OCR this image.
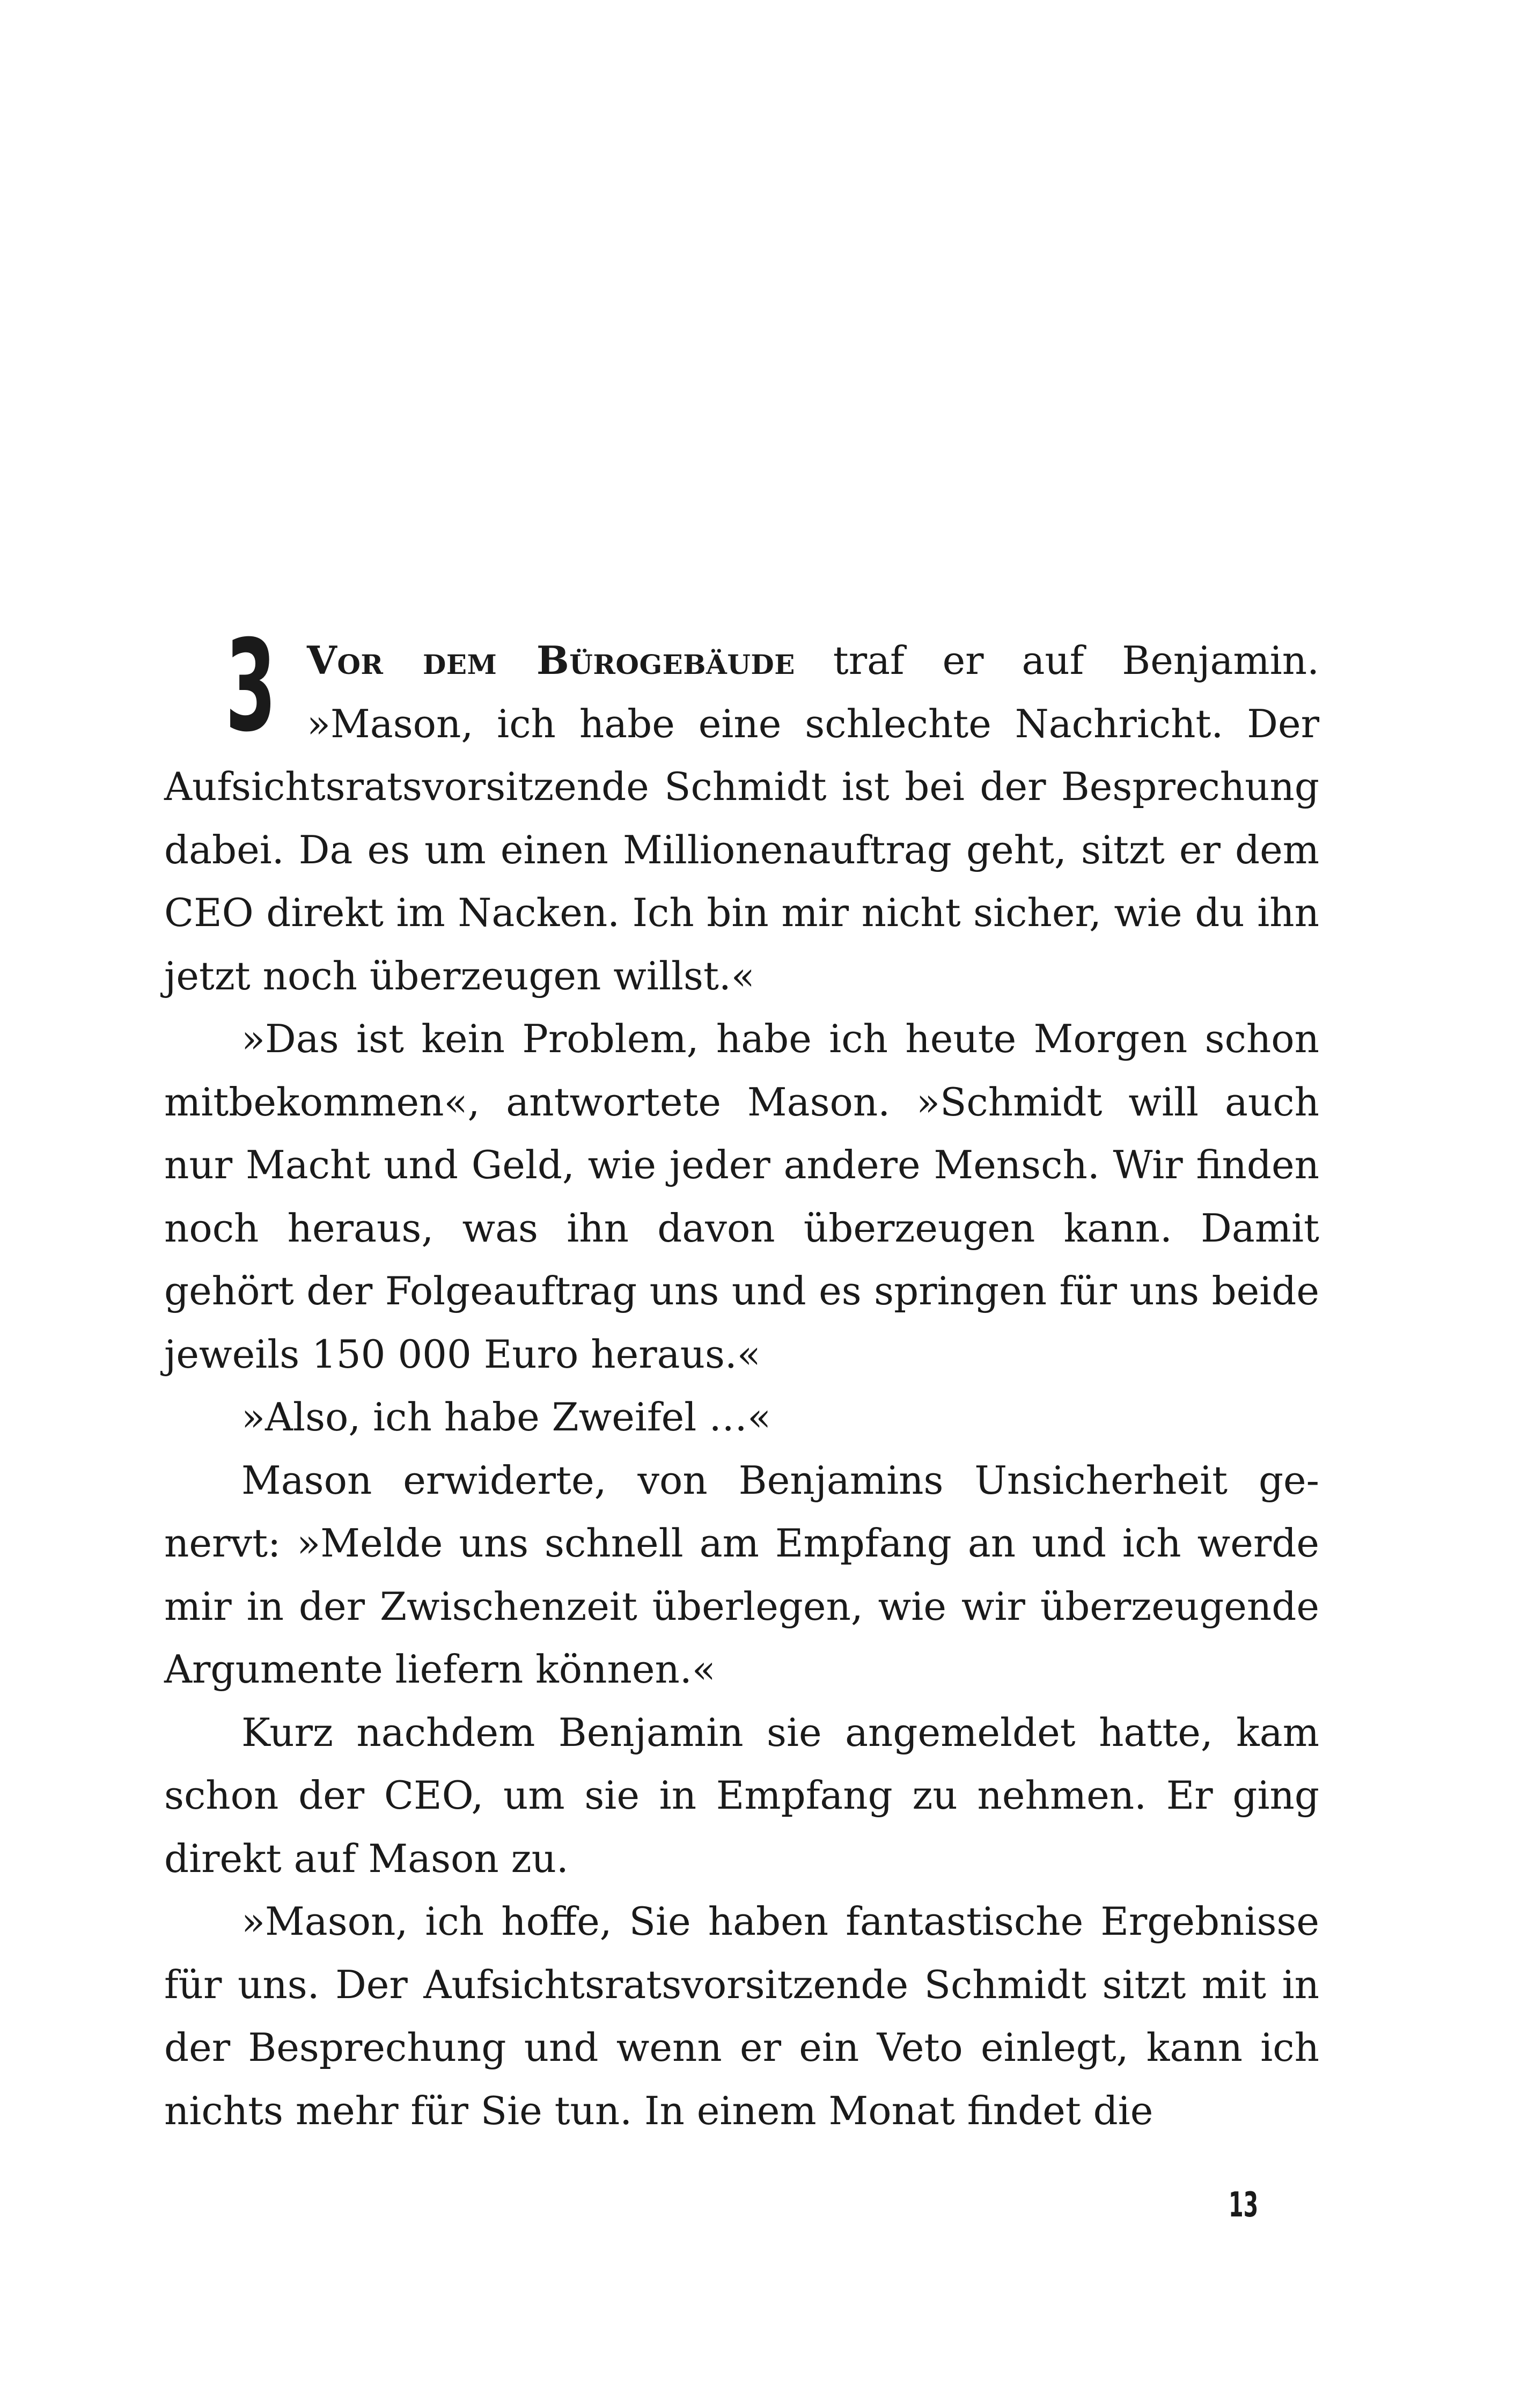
3 Vor dem Bürogebäude traf er auf Benjamin. »Mason, ich habe eine schlechte Nachricht. Der Aufsichtsratsvorsitzende Schmidt ist bei der Besprechung dabei. Da es um einen Millionenauftrag geht, sitzt er dem CEO direkt im Nacken. Ich bin mir nicht sicher, wie du ihn jetzt noch überzeugen willst.«

»Das ist kein Problem, habe ich heute Morgen schon mitbekommen«, antwortete Mason. »Schmidt will auch nur Macht und Geld, wie jeder andere Mensch. Wir finden noch heraus, was ihn davon überzeugen kann. Damit gehört der Folgeauftrag uns und es springen für uns beide jeweils 150 000 Euro heraus.«

»Also, ich habe Zweifel …«

Mason erwiderte, von Benjamins Unsicherheit genervt: »Melde uns schnell am Empfang an und ich werde mir in der Zwischenzeit überlegen, wie wir überzeugende Argumente liefern können.«

Kurz nachdem Benjamin sie angemeldet hatte, kam schon der CEO, um sie in Empfang zu nehmen. Er ging direkt auf Mason zu.

»Mason, ich hoffe, Sie haben fantastische Ergebnisse für uns. Der Aufsichtsratsvorsitzende Schmidt sitzt mit in der Besprechung und wenn er ein Veto einlegt, kann ich nichts mehr für Sie tun. In einem Monat findet die

13
